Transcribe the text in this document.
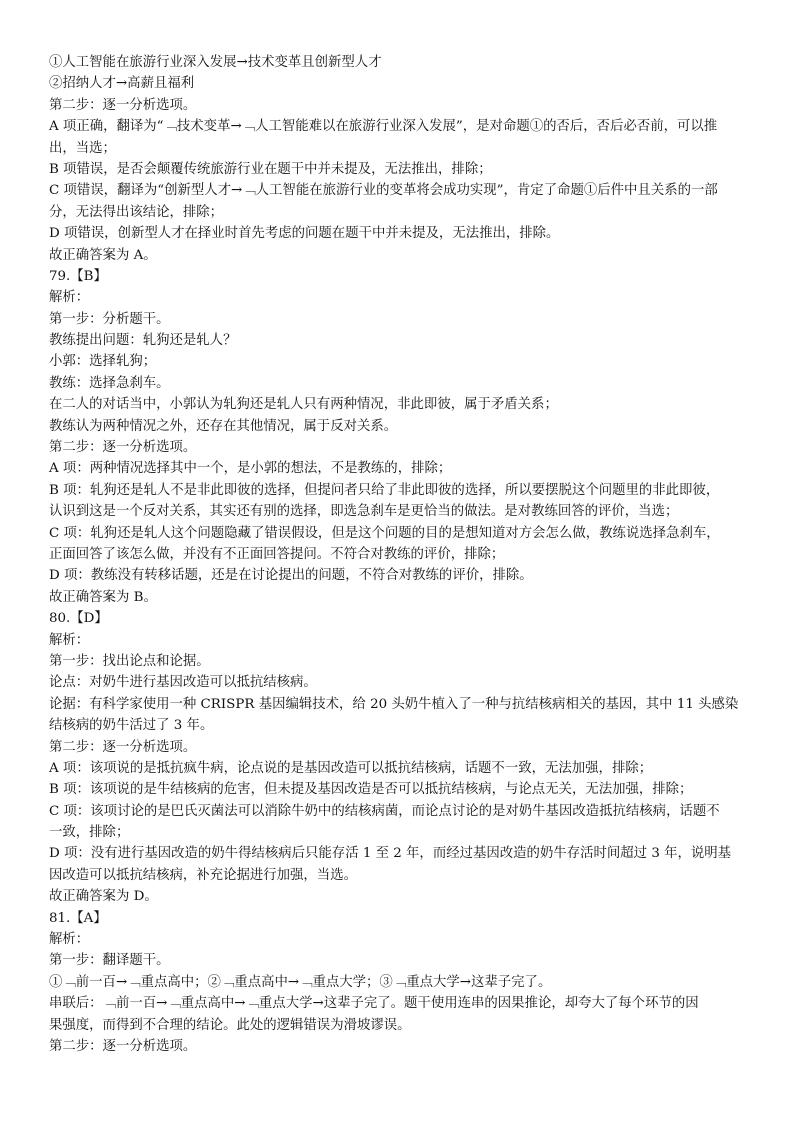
①人工智能在旅游行业深入发展→技术变革且创新型人才
②招纳人才→高薪且福利
第二步：逐一分析选项。
A 项正确，翻译为“﹁技术变革→﹁人工智能难以在旅游行业深入发展”，是对命题①的否后，否后必否前，可以推
出，当选；
B 项错误，是否会颠覆传统旅游行业在题干中并未提及，无法推出，排除；
C 项错误，翻译为“创新型人才→﹁人工智能在旅游行业的变革将会成功实现”，肯定了命题①后件中且关系的一部
分，无法得出该结论，排除；
D 项错误，创新型人才在择业时首先考虑的问题在题干中并未提及，无法推出，排除。
故正确答案为 A。
79.【B】
解析：
第一步：分析题干。
教练提出问题：轧狗还是轧人？
小郭：选择轧狗；
教练：选择急刹车。
在二人的对话当中，小郭认为轧狗还是轧人只有两种情况，非此即彼，属于矛盾关系；
教练认为两种情况之外，还存在其他情况，属于反对关系。
第二步：逐一分析选项。
A 项：两种情况选择其中一个，是小郭的想法，不是教练的，排除；
B 项：轧狗还是轧人不是非此即彼的选择，但提问者只给了非此即彼的选择，所以要摆脱这个问题里的非此即彼，
认识到这是一个反对关系，其实还有别的选择，即选急刹车是更恰当的做法。是对教练回答的评价，当选；
C 项：轧狗还是轧人这个问题隐藏了错误假设，但是这个问题的目的是想知道对方会怎么做，教练说选择急刹车，
正面回答了该怎么做，并没有不正面回答提问。不符合对教练的评价，排除；
D 项：教练没有转移话题，还是在讨论提出的问题，不符合对教练的评价，排除。
故正确答案为 B。
80.【D】
解析：
第一步：找出论点和论据。
论点：对奶牛进行基因改造可以抵抗结核病。
论据：有科学家使用一种 CRISPR 基因编辑技术，给 20 头奶牛植入了一种与抗结核病相关的基因，其中 11 头感染
结核病的奶牛活过了 3 年。
第二步：逐一分析选项。
A 项：该项说的是抵抗疯牛病，论点说的是基因改造可以抵抗结核病，话题不一致，无法加强，排除；
B 项：该项说的是牛结核病的危害，但未提及基因改造是否可以抵抗结核病，与论点无关，无法加强，排除；
C 项：该项讨论的是巴氏灭菌法可以消除牛奶中的结核病菌，而论点讨论的是对奶牛基因改造抵抗结核病，话题不
一致，排除；
D 项：没有进行基因改造的奶牛得结核病后只能存活 1 至 2 年，而经过基因改造的奶牛存活时间超过 3 年，说明基
因改造可以抵抗结核病，补充论据进行加强，当选。
故正确答案为 D。
81.【A】
解析：
第一步：翻译题干。
①﹁前一百→﹁重点高中；②﹁重点高中→﹁重点大学；③﹁重点大学→这辈子完了。
串联后：﹁前一百→﹁重点高中→﹁重点大学→这辈子完了。题干使用连串的因果推论，却夸大了每个环节的因
果强度，而得到不合理的结论。此处的逻辑错误为滑坡谬误。
第二步：逐一分析选项。
